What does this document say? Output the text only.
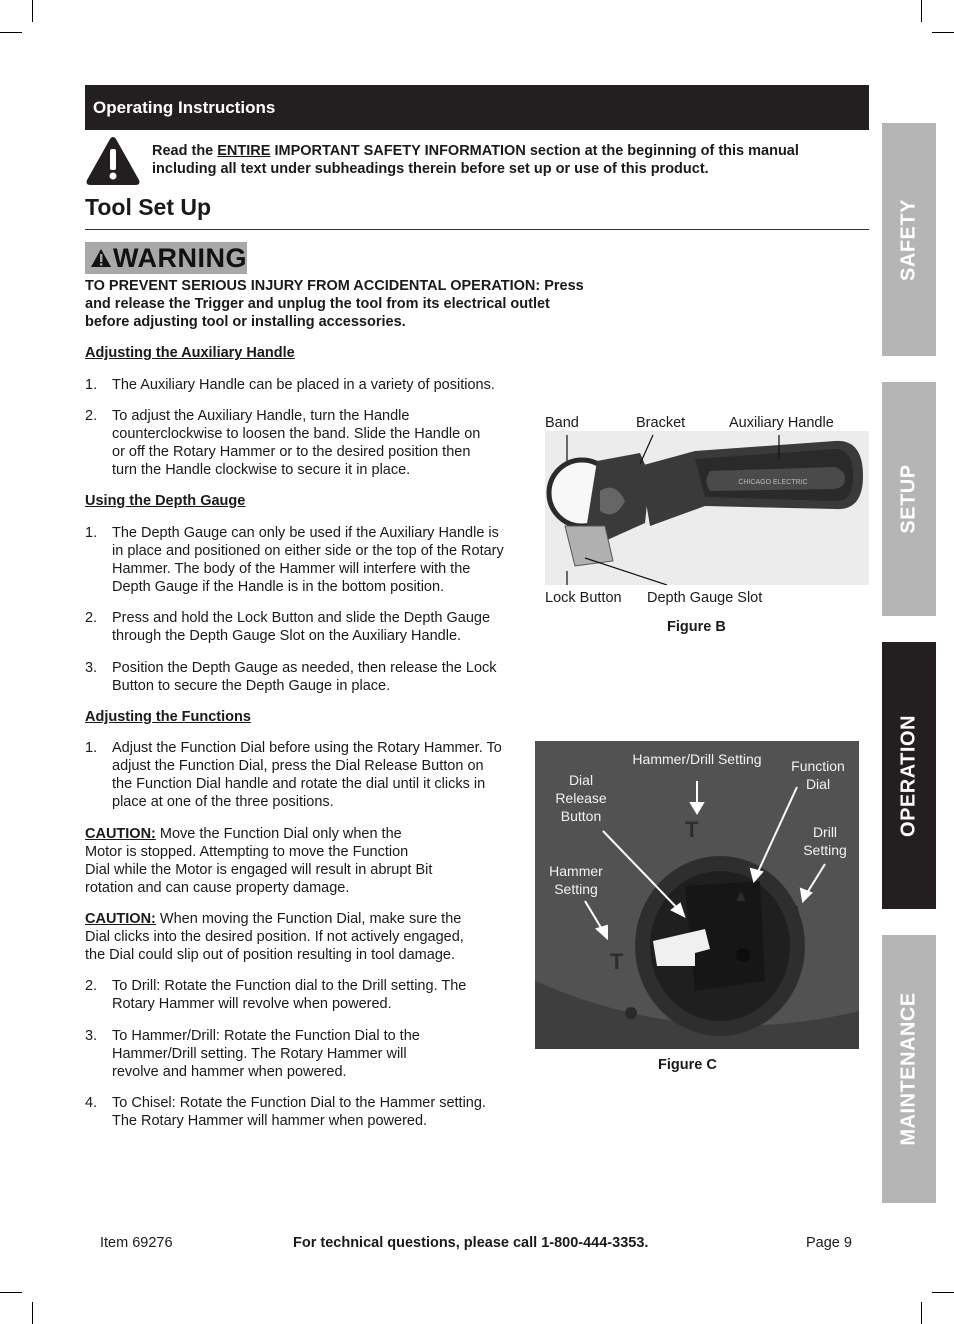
Operating Instructions
Read the ENTIRE IMPORTANT SAFETY INFORMATION section at the beginning of this manual including all text under subheadings therein before set up or use of this product.
Tool Set Up
WARNING
TO PREVENT SERIOUS INJURY FROM ACCIDENTAL OPERATION: Press and release the Trigger and unplug the tool from its electrical outlet before adjusting tool or installing accessories.
Adjusting the Auxiliary Handle
1. The Auxiliary Handle can be placed in a variety of positions.
2. To adjust the Auxiliary Handle, turn the Handle counterclockwise to loosen the band. Slide the Handle on or off the Rotary Hammer or to the desired position then turn the Handle clockwise to secure it in place.
Using the Depth Gauge
1. The Depth Gauge can only be used if the Auxiliary Handle is in place and positioned on either side or the top of the Rotary Hammer. The body of the Hammer will interfere with the Depth Gauge if the Handle is in the bottom position.
2. Press and hold the Lock Button and slide the Depth Gauge through the Depth Gauge Slot on the Auxiliary Handle.
3. Position the Depth Gauge as needed, then release the Lock Button to secure the Depth Gauge in place.
Adjusting the Functions
1. Adjust the Function Dial before using the Rotary Hammer. To adjust the Function Dial, press the Dial Release Button on the Function Dial handle and rotate the dial until it clicks in place at one of the three positions.
CAUTION: Move the Function Dial only when the Motor is stopped. Attempting to move the Function Dial while the Motor is engaged will result in abrupt Bit rotation and can cause property damage.
CAUTION: When moving the Function Dial, make sure the Dial clicks into the desired position. If not actively engaged, the Dial could slip out of position resulting in tool damage.
2. To Drill: Rotate the Function dial to the Drill setting. The Rotary Hammer will revolve when powered.
3. To Hammer/Drill: Rotate the Function Dial to the Hammer/Drill setting. The Rotary Hammer will revolve and hammer when powered.
4. To Chisel: Rotate the Function Dial to the Hammer setting. The Rotary Hammer will hammer when powered.
Band	Bracket	Auxiliary Handle
CHICAGO ELECTRIC
Lock Button Depth Gauge Slot
Figure B
T
T
▲
Hammer/Drill Setting	Function Dial
Dial Release Button
Drill Setting
Hammer Setting
Figure C
SAFETY
SETUP
OPERATION
MAINTENANCE
Item 69276	For technical questions, please call 1-800-444-3353.	Page 9
